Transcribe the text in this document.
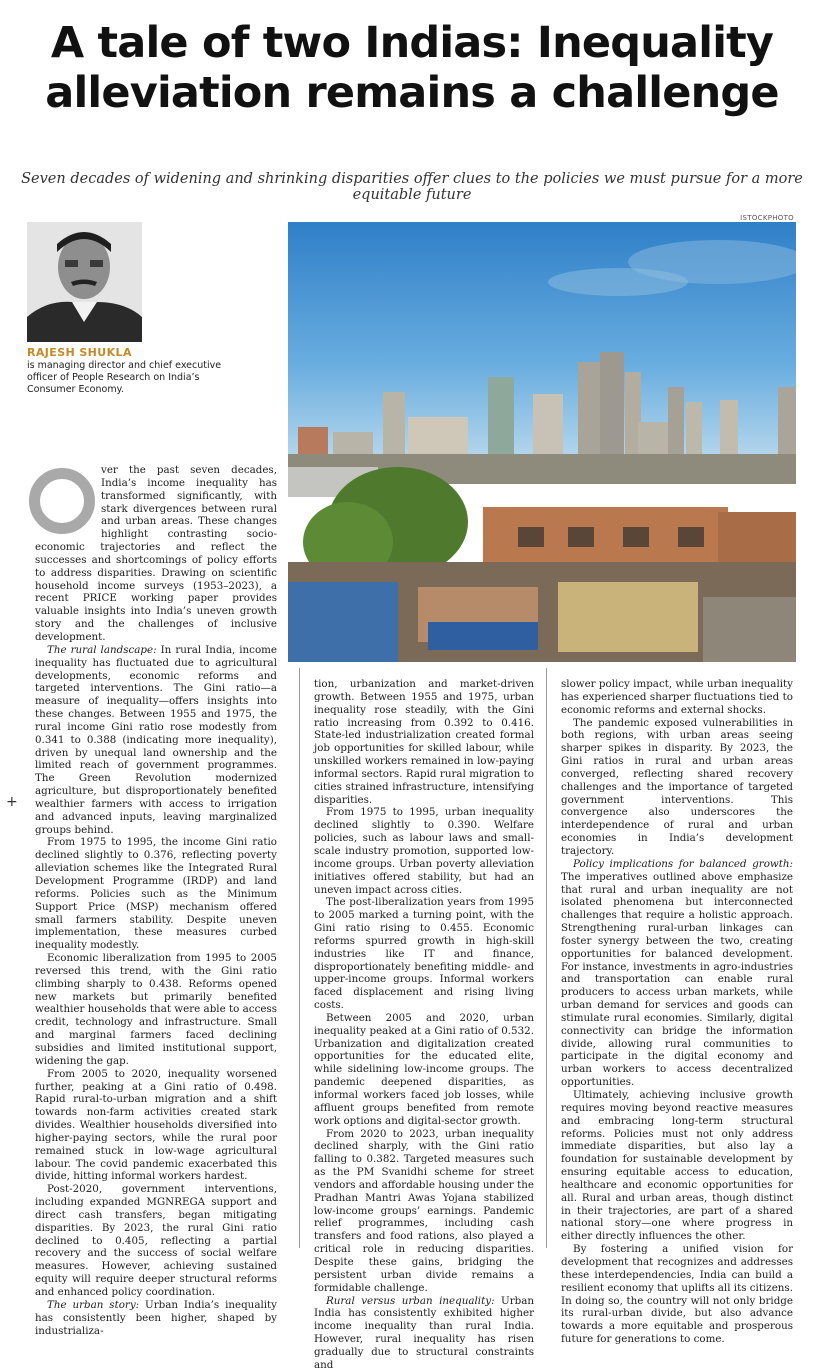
A tale of two Indias: Inequality
alleviation remains a challenge
Seven decades of widening and shrinking disparities offer clues to the policies we must pursue for a more equitable future
ISTOCKPHOTO
RAJESH SHUKLA
is managing director and chief executive officer of People Research on India’s Consumer Economy.
+

ver the past seven decades, India’s income inequality has transformed significantly, with stark divergences between rural and urban areas. These changes highlight contrasting socio-economic trajectories and reflect the successes and shortcomings of policy efforts to address disparities. Drawing on scientific household income surveys (1953–2023), a recent PRICE working paper provides valuable insights into India’s uneven growth story and the challenges of inclusive development.

The rural landscape: In rural India, income inequality has fluctuated due to agricultural developments, economic reforms and targeted interventions. The Gini ratio—a measure of inequality—offers insights into these changes. Between 1955 and 1975, the rural income Gini ratio rose modestly from 0.341 to 0.388 (indicating more inequality), driven by unequal land ownership and the limited reach of government programmes. The Green Revolution modernized agriculture, but disproportionately benefited wealthier farmers with access to irrigation and advanced inputs, leaving marginalized groups behind.

From 1975 to 1995, the income Gini ratio declined slightly to 0.376, reflecting poverty alleviation schemes like the Integrated Rural Development Programme (IRDP) and land reforms. Policies such as the Minimum Support Price (MSP) mechanism offered small farmers stability. Despite uneven implementation, these measures curbed inequality modestly.

Economic liberalization from 1995 to 2005 reversed this trend, with the Gini ratio climbing sharply to 0.438. Reforms opened new markets but primarily benefited wealthier households that were able to access credit, technology and infrastructure. Small and marginal farmers faced declining subsidies and limited institutional support, widening the gap.

From 2005 to 2020, inequality worsened further, peaking at a Gini ratio of 0.498. Rapid rural-to-urban migration and a shift towards non-farm activities created stark divides. Wealthier households diversified into higher-paying sectors, while the rural poor remained stuck in low-wage agricultural labour. The covid pandemic exacerbated this divide, hitting informal workers hardest.

Post-2020, government interventions, including expanded MGNREGA support and direct cash transfers, began mitigating disparities. By 2023, the rural Gini ratio declined to 0.405, reflecting a partial recovery and the success of social welfare measures. However, achieving sustained equity will require deeper structural reforms and enhanced policy coordination.

The urban story: Urban India’s inequality has consistently been higher, shaped by industrializa-

tion, urbanization and market-driven growth. Between 1955 and 1975, urban inequality rose steadily, with the Gini ratio increasing from 0.392 to 0.416. State-led industrialization created formal job opportunities for skilled labour, while unskilled workers remained in low-paying informal sectors. Rapid rural migration to cities strained infrastructure, intensifying disparities.

From 1975 to 1995, urban inequality declined slightly to 0.390. Welfare policies, such as labour laws and small-scale industry promotion, supported low-income groups. Urban poverty alleviation initiatives offered stability, but had an uneven impact across cities.

The post-liberalization years from 1995 to 2005 marked a turning point, with the Gini ratio rising to 0.455. Economic reforms spurred growth in high-skill industries like IT and finance, disproportionately benefiting middle- and upper-income groups. Informal workers faced displacement and rising living costs.

Between 2005 and 2020, urban inequality peaked at a Gini ratio of 0.532. Urbanization and digitalization created opportunities for the educated elite, while sidelining low-income groups. The pandemic deepened disparities, as informal workers faced job losses, while affluent groups benefited from remote work options and digital-sector growth.

From 2020 to 2023, urban inequality declined sharply, with the Gini ratio falling to 0.382. Targeted measures such as the PM Svanidhi scheme for street vendors and affordable housing under the Pradhan Mantri Awas Yojana stabilized low-income groups’ earnings. Pandemic relief programmes, including cash transfers and food rations, also played a critical role in reducing disparities. Despite these gains, bridging the persistent urban divide remains a formidable challenge.

Rural versus urban inequality: Urban India has consistently exhibited higher income inequality than rural India. However, rural inequality has risen gradually due to structural constraints and

slower policy impact, while urban inequality has experienced sharper fluctuations tied to economic reforms and external shocks.

The pandemic exposed vulnerabilities in both regions, with urban areas seeing sharper spikes in disparity. By 2023, the Gini ratios in rural and urban areas converged, reflecting shared recovery challenges and the importance of targeted government interventions. This convergence also underscores the interdependence of rural and urban economies in India’s development trajectory.

Policy implications for balanced growth: The imperatives outlined above emphasize that rural and urban inequality are not isolated phenomena but interconnected challenges that require a holistic approach. Strengthening rural-urban linkages can foster synergy between the two, creating opportunities for balanced development. For instance, investments in agro-industries and transportation can enable rural producers to access urban markets, while urban demand for services and goods can stimulate rural economies. Similarly, digital connectivity can bridge the information divide, allowing rural communities to participate in the digital economy and urban workers to access decentralized opportunities.

Ultimately, achieving inclusive growth requires moving beyond reactive measures and embracing long-term structural reforms. Policies must not only address immediate disparities, but also lay a foundation for sustainable development by ensuring equitable access to education, healthcare and economic opportunities for all. Rural and urban areas, though distinct in their trajectories, are part of a shared national story—one where progress in either directly influences the other.

By fostering a unified vision for development that recognizes and addresses these interdependencies, India can build a resilient economy that uplifts all its citizens. In doing so, the country will not only bridge its rural-urban divide, but also advance towards a more equitable and prosperous future for generations to come.
